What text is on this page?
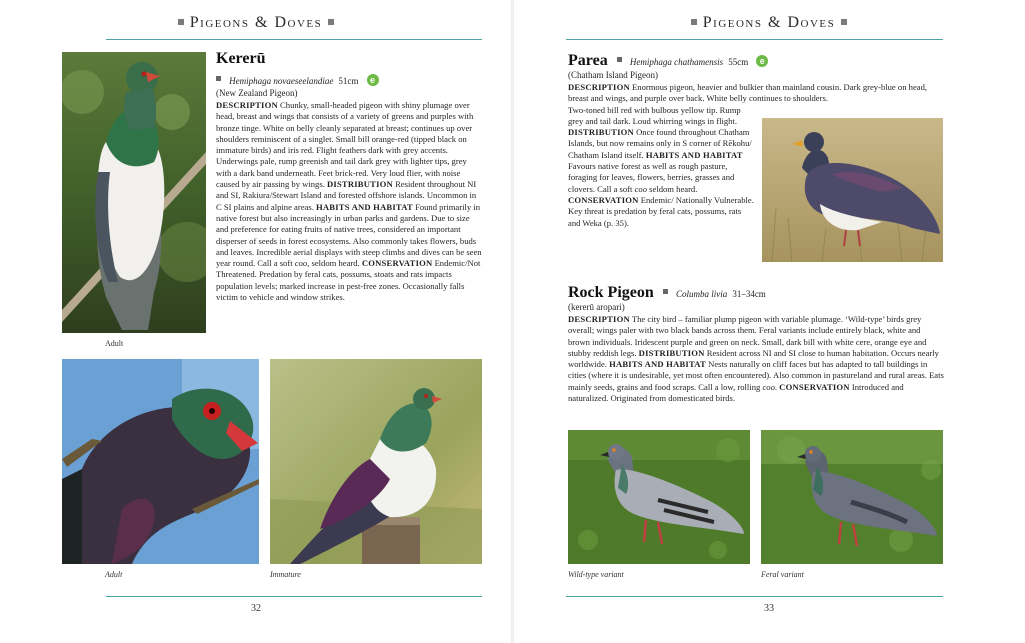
Pigeons & Doves
Adult
Kererū
Hemiphaga novaeseelandiae 51cm e
(New Zealand Pigeon)
DESCRIPTION Chunky, small-headed pigeon with shiny plumage over head, breast and wings that consists of a variety of greens and purples with bronze tinge. White on belly cleanly separated at breast; continues up over shoulders reminiscent of a singlet. Small bill orange-red (tipped black on immature birds) and iris red. Flight feathers dark with grey accents. Underwings pale, rump greenish and tail dark grey with lighter tips, grey with a dark band underneath. Feet brick-red. Very loud flier, with noise caused by air passing by wings. DISTRIBUTION Resident throughout NI and SI, Rakiura/Stewart Island and forested offshore islands. Uncommon in C SI plains and alpine areas. HABITS AND HABITAT Found primarily in native forest but also increasingly in urban parks and gardens. Due to size and preference for eating fruits of native trees, considered an important disperser of seeds in forest ecosystems. Also commonly takes flowers, buds and leaves. Incredible aerial displays with steep climbs and dives can be seen year round. Call a soft coo, seldom heard. CONSERVATION Endemic/Not Threatened. Predation by feral cats, possums, stoats and rats impacts population levels; marked increase in pest-free zones. Occasionally falls victim to vehicle and window strikes.
Adult	Immature
32
Pigeons & Doves
Parea Hemiphaga chathamensis 55cm e
(Chatham Island Pigeon)
DESCRIPTION Enormous pigeon, heavier and bulkier than mainland cousin. Dark grey-blue on head, breast and wings, and purple over back. White belly continues to shoulders.
Two-toned bill red with bulbous yellow tip. Rump grey and tail dark. Loud whirring wings in flight. DISTRIBUTION Once found throughout Chatham Islands, but now remains only in S corner of Rēkohu/ Chatham Island itself. HABITS AND HABITAT Favours native forest as well as rough pasture, foraging for leaves, flowers, berries, grasses and clovers. Call a soft coo seldom heard. CONSERVATION Endemic/ Nationally Vulnerable. Key threat is predation by feral cats, possums, rats and Weka (p. 35).
Rock Pigeon Columba livia 31–34cm
(kererū aropari)
DESCRIPTION The city bird – familiar plump pigeon with variable plumage. ‘Wild-type’ birds grey overall; wings paler with two black bands across them. Feral variants include entirely black, white and brown individuals. Iridescent purple and green on neck. Small, dark bill with white cere, orange eye and stubby reddish legs. DISTRIBUTION Resident across NI and SI close to human habitation. Occurs nearly worldwide. HABITS AND HABITAT Nests naturally on cliff faces but has adapted to tall buildings in cities (where it is undesirable, yet most often encountered). Also common in pastureland and rural areas. Eats mainly seeds, grains and food scraps. Call a low, rolling coo. CONSERVATION Introduced and naturalized. Originated from domesticated birds.
Wild-type variant	Feral variant
33
